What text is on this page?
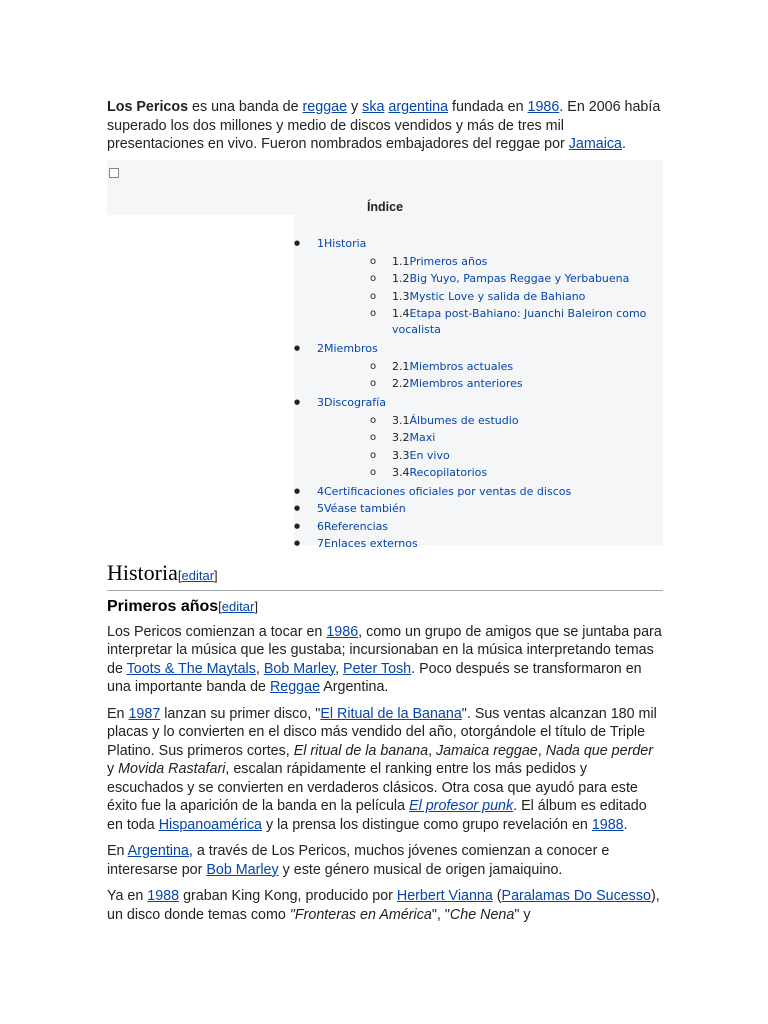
Los Pericos es una banda de reggae y ska argentina fundada en 1986. En 2006 había superado los dos millones y medio de discos vendidos y más de tres mil presentaciones en vivo. Fueron nombrados embajadores del reggae por Jamaica.

Índice
● 1Historia
o 1.1Primeros años
o 1.2Big Yuyo, Pampas Reggae y Yerbabuena
o 1.3Mystic Love y salida de Bahiano
o 1.4Etapa post-Bahiano: Juanchi Baleiron como vocalista
● 2Miembros
o 2.1Miembros actuales
o 2.2Miembros anteriores
● 3Discografía
o 3.1Álbumes de estudio
o 3.2Maxi
o 3.3En vivo
o 3.4Recopilatorios
● 4Certificaciones oficiales por ventas de discos
● 5Véase también
● 6Referencias
● 7Enlaces externos
Historia[editar]
Primeros años[editar]

Los Pericos comienzan a tocar en 1986, como un grupo de amigos que se juntaba para interpretar la música que les gustaba; incursionaban en la música interpretando temas de Toots & The Maytals, Bob Marley, Peter Tosh. Poco después se transformaron en una importante banda de Reggae Argentina.

En 1987 lanzan su primer disco, "El Ritual de la Banana". Sus ventas alcanzan 180 mil placas y lo convierten en el disco más vendido del año, otorgándole el título de Triple Platino. Sus primeros cortes, El ritual de la banana, Jamaica reggae, Nada que perder y Movida Rastafari, escalan rápidamente el ranking entre los más pedidos y escuchados y se convierten en verdaderos clásicos. Otra cosa que ayudó para este éxito fue la aparición de la banda en la película El profesor punk. El álbum es editado en toda Hispanoamérica y la prensa los distingue como grupo revelación en 1988.

En Argentina, a través de Los Pericos, muchos jóvenes comienzan a conocer e interesarse por Bob Marley y este género musical de origen jamaiquino.

Ya en 1988 graban King Kong, producido por Herbert Vianna (Paralamas Do Sucesso), un disco donde temas como "Fronteras en América", "Che Nena" y
